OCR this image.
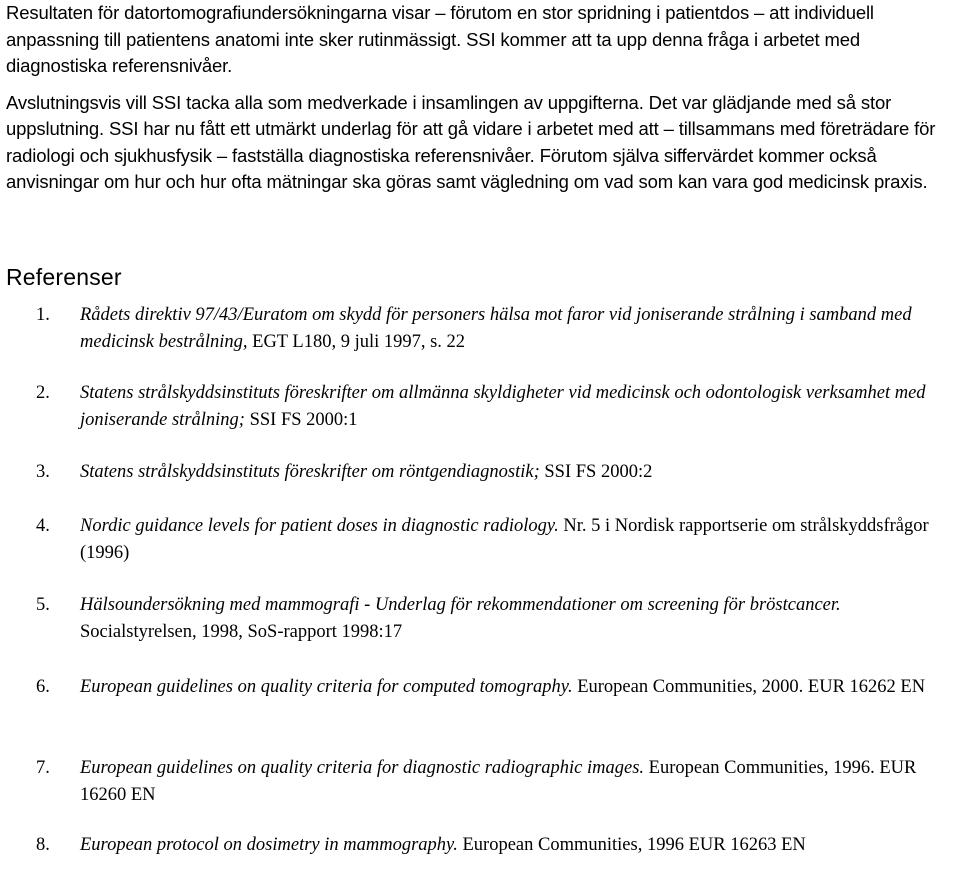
Resultaten för datortomografiundersökningarna visar – förutom en stor spridning i patientdos – att individuell anpassning till patientens anatomi inte sker rutinmässigt. SSI kommer att ta upp denna fråga i arbetet med diagnostiska referensnivåer.

Avslutningsvis vill SSI tacka alla som medverkade i insamlingen av uppgifterna. Det var glädjande med så stor uppslutning. SSI har nu fått ett utmärkt underlag för att gå vidare i arbetet med att – tillsammans med företrädare för radiologi och sjukhusfysik – fastställa diagnostiska referensnivåer. Förutom själva siffervärdet kommer också anvisningar om hur och hur ofta mätningar ska göras samt vägledning om vad som kan vara god medicinsk praxis.

Referenser
1.	Rådets direktiv 97/43/Euratom om skydd för personers hälsa mot faror vid joniserande strålning i samband med medicinsk bestrålning, EGT L180, 9 juli 1997, s. 22
2.	Statens strålskyddsinstituts föreskrifter om allmänna skyldigheter vid medicinsk och odontologisk verksamhet med joniserande strålning; SSI FS 2000:1
3.	Statens strålskyddsinstituts föreskrifter om röntgendiagnostik; SSI FS 2000:2
4.	Nordic guidance levels for patient doses in diagnostic radiology. Nr. 5 i Nordisk rapportserie om strålskyddsfrågor (1996)
5.	Hälsoundersökning med mammografi - Underlag för rekommendationer om screening för bröstcancer. Socialstyrelsen, 1998, SoS-rapport 1998:17
6.	European guidelines on quality criteria for computed tomography. European Communities, 2000. EUR 16262 EN
7.	European guidelines on quality criteria for diagnostic radiographic images. European Communities, 1996. EUR 16260 EN
8.	European protocol on dosimetry in mammography. European Communities, 1996 EUR 16263 EN
